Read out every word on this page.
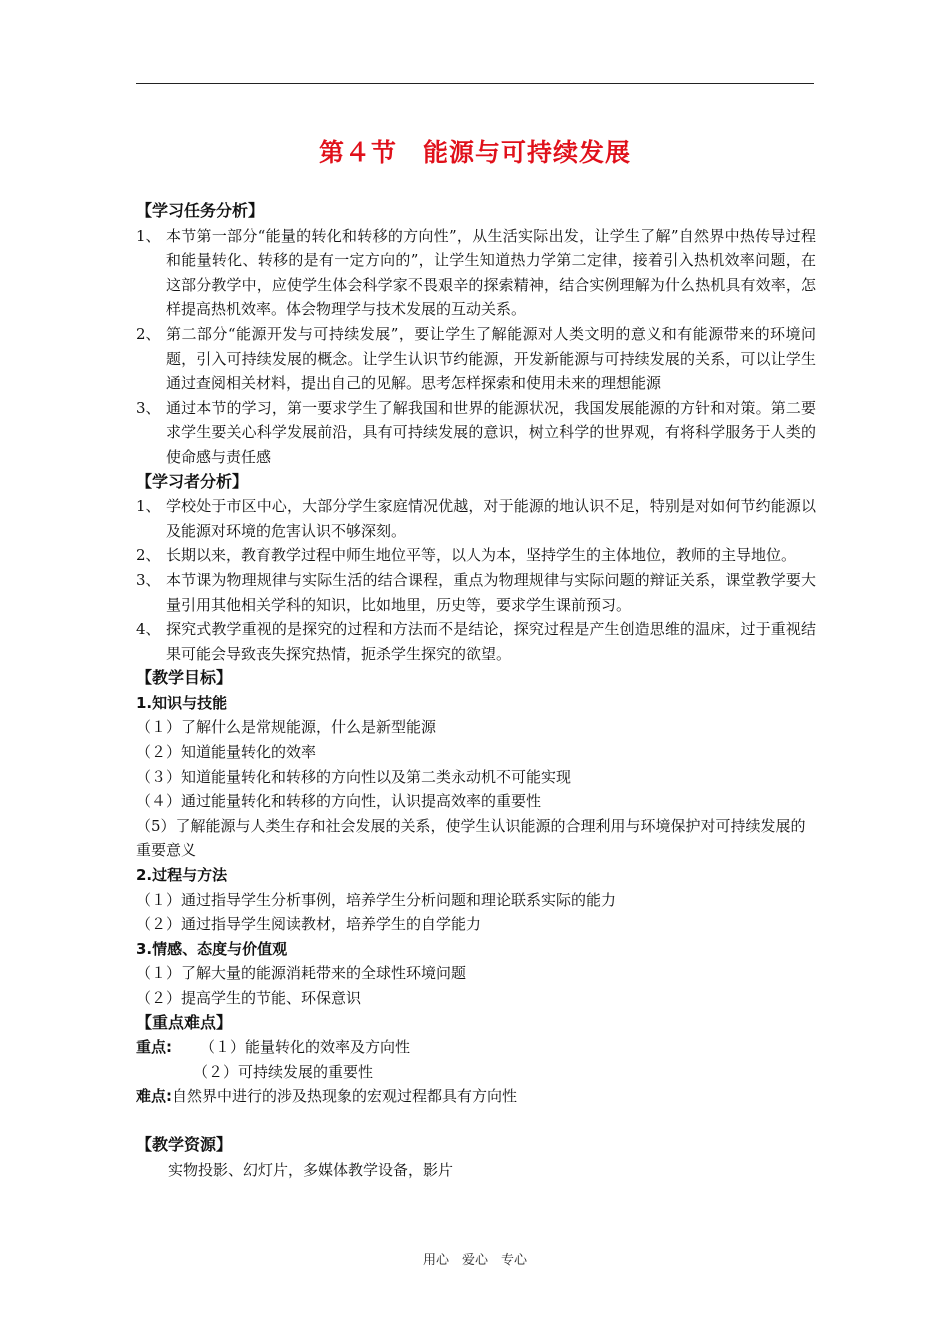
第４节　能源与可持续发展

【学习任务分析】

1、 本节第一部分“能量的转化和转移的方向性”，从生活实际出发，让学生了解”自然界中热传导过程和能量转化、转移的是有一定方向的”，让学生知道热力学第二定律，接着引入热机效率问题，在这部分教学中，应使学生体会科学家不畏艰辛的探索精神，结合实例理解为什么热机具有效率，怎样提高热机效率。体会物理学与技术发展的互动关系。
2、 第二部分“能源开发与可持续发展”，要让学生了解能源对人类文明的意义和有能源带来的环境问题，引入可持续发展的概念。让学生认识节约能源，开发新能源与可持续发展的关系，可以让学生通过查阅相关材料，提出自己的见解。思考怎样探索和使用未来的理想能源
3、 通过本节的学习，第一要求学生了解我国和世界的能源状况，我国发展能源的方针和对策。第二要求学生要关心科学发展前沿，具有可持续发展的意识，树立科学的世界观，有将科学服务于人类的使命感与责任感

【学习者分析】

1、 学校处于市区中心，大部分学生家庭情况优越，对于能源的地认识不足，特别是对如何节约能源以及能源对环境的危害认识不够深刻。
2、 长期以来，教育教学过程中师生地位平等，以人为本，坚持学生的主体地位，教师的主导地位。
3、 本节课为物理规律与实际生活的结合课程，重点为物理规律与实际问题的辩证关系，课堂教学要大量引用其他相关学科的知识，比如地里，历史等，要求学生课前预习。
4、 探究式教学重视的是探究的过程和方法而不是结论，探究过程是产生创造思维的温床，过于重视结果可能会导致丧失探究热情，扼杀学生探究的欲望。

【教学目标】

1.知识与技能

（１）了解什么是常规能源，什么是新型能源

（２）知道能量转化的效率

（３）知道能量转化和转移的方向性以及第二类永动机不可能实现

（４）通过能量转化和转移的方向性，认识提高效率的重要性

（5）了解能源与人类生存和社会发展的关系，使学生认识能源的合理利用与环境保护对可持续发展的重要意义

2.过程与方法

（１）通过指导学生分析事例，培养学生分析问题和理论联系实际的能力

（２）通过指导学生阅读教材，培养学生的自学能力

3.情感、态度与价值观

（１）了解大量的能源消耗带来的全球性环境问题

（２）提高学生的节能、环保意识

【重点难点】

重点:	（１）能量转化的效率及方向性

（２）可持续发展的重要性

难点: 自然界中进行的涉及热现象的宏观过程都具有方向性

【教学资源】

实物投影、幻灯片，多媒体教学设备，影片

用心　爱心　专心
